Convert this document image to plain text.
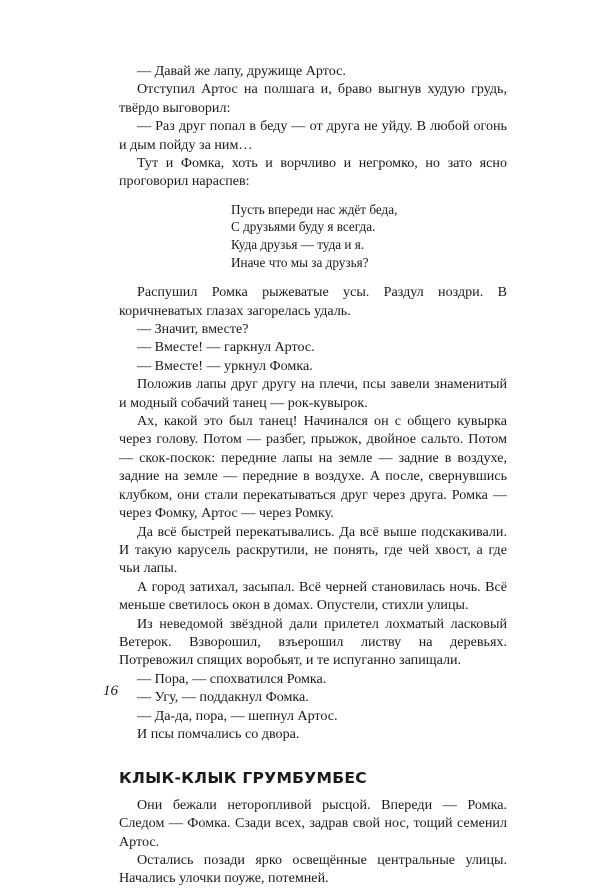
— Давай же лапу, дружище Артос.

Отступил Артос на полшага и, браво выгнув худую грудь, твёрдо выговорил:

— Раз друг попал в беду — от друга не уйду. В любой огонь и дым пойду за ним…

Тут и Фомка, хоть и ворчливо и негромко, но зато ясно проговорил нараспев:

Пусть впереди нас ждёт беда,

С друзьями буду я всегда.

Куда друзья — туда и я.

Иначе что мы за друзья?

Распушил Ромка рыжеватые усы. Раздул ноздри. В коричневатых глазах загорелась удаль.

— Значит, вместе?

— Вместе! — гаркнул Артос.

— Вместе! — уркнул Фомка.

Положив лапы друг другу на плечи, псы завели знаменитый и модный собачий танец — рок-кувырок.

Ах, какой это был танец! Начинался он с общего кувырка через голову. Потом — разбег, прыжок, двойное сальто. Потом — скок-поскок: передние лапы на земле — задние в воздухе, задние на земле — передние в воздухе. А после, свернувшись клубком, они стали перекатываться друг через друга. Ромка — через Фомку, Артос — через Ромку.

Да всё быстрей перекатывались. Да всё выше подскакивали. И такую карусель раскрутили, не понять, где чей хвост, а где чьи лапы.

А город затихал, засыпал. Всё черней становилась ночь. Всё меньше светилось окон в домах. Опустели, стихли улицы.

Из неведомой звёздной дали прилетел лохматый ласковый Ветерок. Взворошил, взъерошил листву на деревьях. Потревожил спящих воробьят, и те испуганно запищали.

— Пора, — спохватился Ромка.

— Угу, — поддакнул Фомка.

— Да-да, пора, — шепнул Артос.

И псы помчались со двора.

КЛЫК-КЛЫК ГРУМБУМБЕС

Они бежали неторопливой рысцой. Впереди — Ромка. Следом — Фомка. Сзади всех, задрав свой нос, тощий семенил Артос.

Остались позади ярко освещённые центральные улицы. Начались улочки поуже, потемней.

16
